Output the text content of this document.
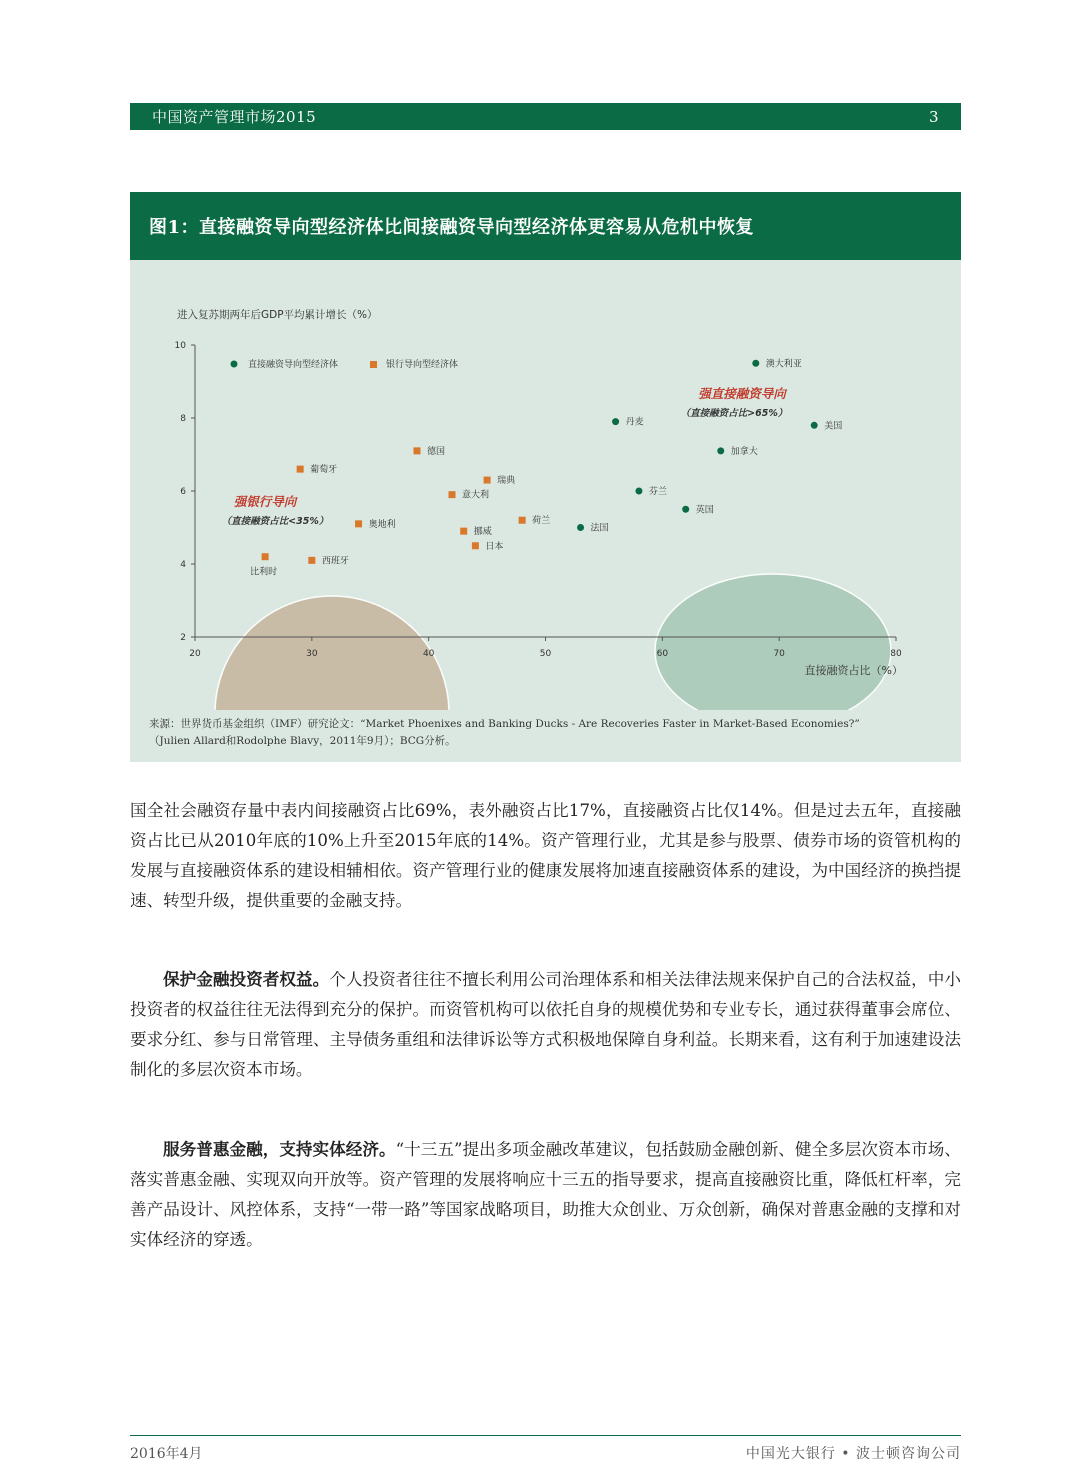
中国资产管理市场2015	3
图1：直接融资导向型经济体比间接融资导向型经济体更容易从危机中恢复
20	30	40	50	60	70	80
2
4
6
8
10
澳大利亚
丹麦	美国
加拿大
芬兰
英国
法国
德国
葡萄牙
瑞典
意大利
荷兰
奥地利
挪威
日本
比利时
西班牙
进入复苏期两年后GDP平均累计增长（%）
直接融资占比（%）
直接融资导向型经济体	银行导向型经济体
强直接融资导向
（直接融资占比>65%）
强银行导向
（直接融资占比<35%）
来源：世界货币基金组织（IMF）研究论文：“Market Phoenixes and Banking Ducks - Are Recoveries Faster in Market-Based Economies?”
（Julien Allard和Rodolphe Blavy，2011年9月）；BCG分析。
国全社会融资存量中表内间接融资占比69%，表外融资占比17%，直接融资占比仅14%。但是过去五年，直接融资占比已从2010年底的10%上升至2015年底的14%。资产管理行业，尤其是参与股票、债券市场的资管机构的发展与直接融资体系的建设相辅相依。资产管理行业的健康发展将加速直接融资体系的建设，为中国经济的换挡提速、转型升级，提供重要的金融支持。
保护金融投资者权益。个人投资者往往不擅长利用公司治理体系和相关法律法规来保护自己的合法权益，中小投资者的权益往往无法得到充分的保护。而资管机构可以依托自身的规模优势和专业专长，通过获得董事会席位、要求分红、参与日常管理、主导债务重组和法律诉讼等方式积极地保障自身利益。长期来看，这有利于加速建设法制化的多层次资本市场。
服务普惠金融，支持实体经济。“十三五”提出多项金融改革建议，包括鼓励金融创新、健全多层次资本市场、落实普惠金融、实现双向开放等。资产管理的发展将响应十三五的指导要求，提高直接融资比重，降低杠杆率，完善产品设计、风控体系，支持“一带一路”等国家战略项目，助推大众创业、万众创新，确保对普惠金融的支撑和对实体经济的穿透。
2016年4月	中国光大银行 • 波士顿咨询公司
